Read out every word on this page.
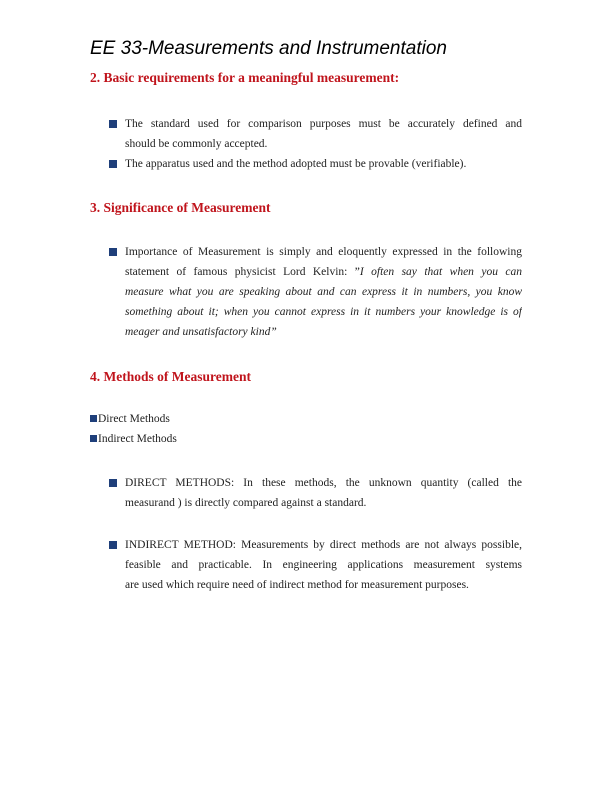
EE 33-Measurements and Instrumentation
2. Basic requirements for a meaningful measurement:
The standard used for comparison purposes must be accurately defined and
should be commonly accepted.
The apparatus used and the method adopted must be provable (verifiable).
3. Significance of Measurement
Importance of Measurement is simply and eloquently expressed in the following
statement of famous physicist Lord Kelvin: ”I often say that when you can
measure what you are speaking about and can express it in numbers, you know
something about it; when you cannot express in it numbers your knowledge is of
meager and unsatisfactory kind”
4. Methods of Measurement
Direct Methods
Indirect Methods
DIRECT METHODS: In these methods, the unknown quantity (called the
measurand ) is directly compared against a standard.
INDIRECT METHOD: Measurements by direct methods are not always possible,
feasible and practicable. In engineering applications measurement systems
are used which require need of indirect method for measurement purposes.
